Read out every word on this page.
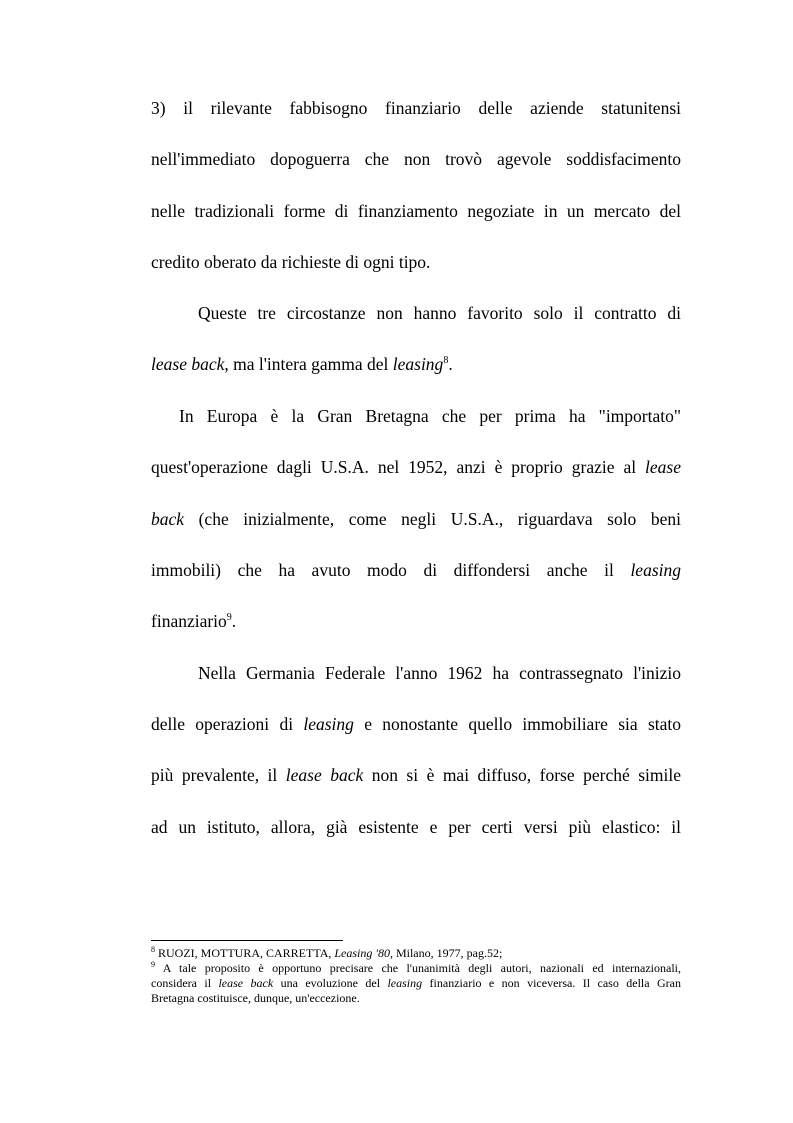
3) il rilevante fabbisogno finanziario delle aziende statunitensi

nell'immediato dopoguerra che non trovò agevole soddisfacimento

nelle tradizionali forme di finanziamento negoziate in un mercato del

credito oberato da richieste di ogni tipo.

Queste tre circostanze non hanno favorito solo il contratto di

lease back, ma l'intera gamma del leasing$^8$.

In Europa è la Gran Bretagna che per prima ha "importato"

quest'operazione dagli U.S.A. nel 1952, anzi è proprio grazie al lease

back (che inizialmente, come negli U.S.A., riguardava solo beni

immobili) che ha avuto modo di diffondersi anche il leasing

finanziario$^9$.

Nella Germania Federale l'anno 1962 ha contrassegnato l'inizio

delle operazioni di leasing e nonostante quello immobiliare sia stato

più prevalente, il lease back non si è mai diffuso, forse perché simile

ad un istituto, allora, già esistente e per certi versi più elastico: il

$^8$ RUOZI, MOTTURA, CARRETTA, Leasing '80, Milano, 1977, pag.52;

$^9$ A tale proposito è opportuno precisare che l'unanimità degli autori, nazionali ed internazionali,

considera il lease back una evoluzione del leasing finanziario e non viceversa. Il caso della Gran

Bretagna costituisce, dunque, un'eccezione.
